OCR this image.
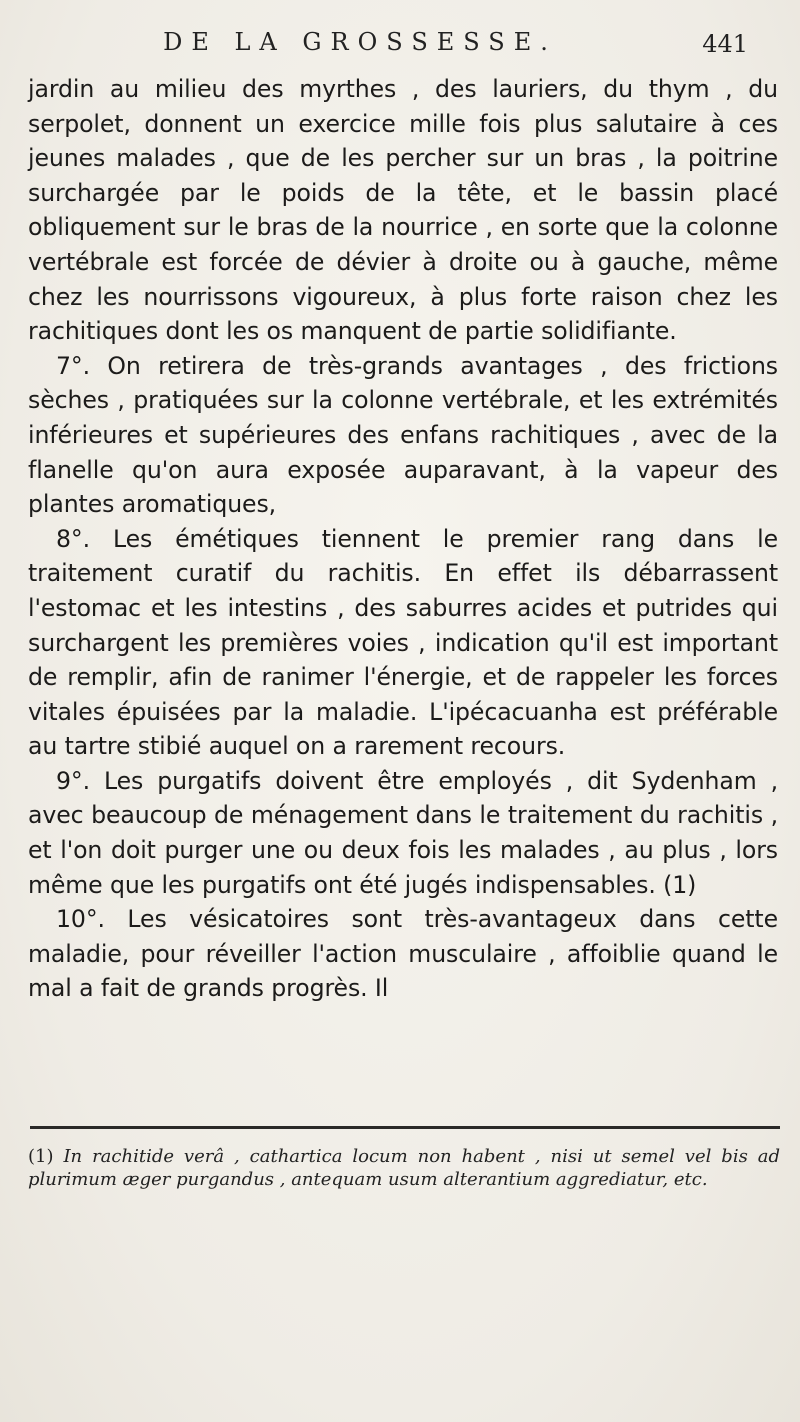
DE LA GROSSESSE.	441

jardin au milieu des myrthes , des lauriers, du thym , du serpolet, donnent un exercice mille fois plus salutaire à ces jeunes malades , que de les percher sur un bras , la poitrine surchargée par le poids de la tête, et le bassin placé obliquement sur le bras de la nourrice , en sorte que la colonne vertébrale est forcée de dévier à droite ou à gauche, même chez les nourrissons vigoureux, à plus forte raison chez les rachitiques dont les os manquent de partie solidifiante.

7°. On retirera de très-grands avantages , des frictions sèches , pratiquées sur la colonne vertébrale, et les extrémités inférieures et supérieures des enfans rachitiques , avec de la flanelle qu'on aura exposée auparavant, à la vapeur des plantes aromatiques,

8°. Les émétiques tiennent le premier rang dans le traitement curatif du rachitis. En effet ils débarrassent l'estomac et les intestins , des saburres acides et putrides qui surchargent les premières voies , indication qu'il est important de remplir, afin de ranimer l'énergie, et de rappeler les forces vitales épuisées par la maladie. L'ipécacuanha est préférable au tartre stibié auquel on a rarement recours.

9°. Les purgatifs doivent être employés , dit Sydenham , avec beaucoup de ménagement dans le traitement du rachitis , et l'on doit purger une ou deux fois les malades , au plus , lors même que les purgatifs ont été jugés indispensables. (1)

10°. Les vésicatoires sont très-avantageux dans cette maladie, pour réveiller l'action musculaire , affoiblie quand le mal a fait de grands progrès. Il

(1) In rachitide verâ , cathartica locum non habent , nisi ut semel vel bis ad plurimum æger purgandus , antequam usum alterantium aggrediatur, etc.
